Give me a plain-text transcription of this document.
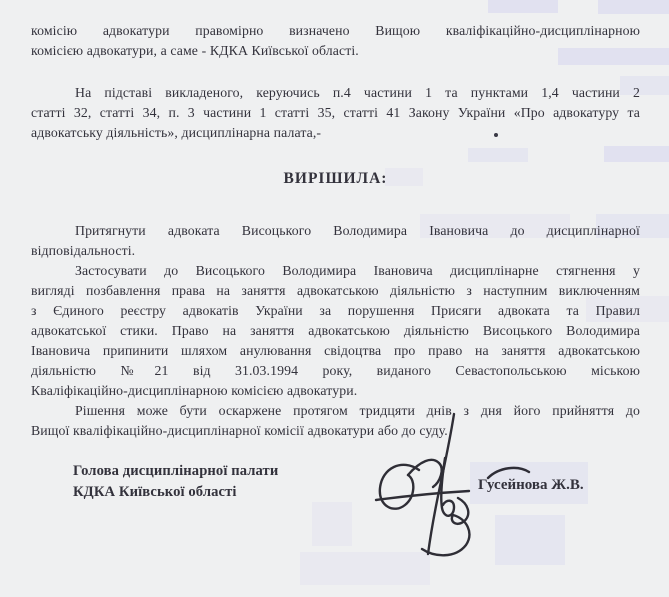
комісію адвокатури правомірно визначено Вищою кваліфікаційно-дисциплінарною
комісією адвокатури, а саме - КДКА Київської області.

На підставі викладеного, керуючись п.4 частини 1 та пунктами 1,4 частини 2
статті 32, статті 34, п. 3 частини 1 статті 35, статті 41 Закону України «Про адвокатуру та
адвокатську діяльність», дисциплінарна палата,-

ВИРІШИЛА:

Притягнути адвоката Висоцького Володимира Івановича до дисциплінарної
відповідальності.

Застосувати до Висоцького Володимира Івановича дисциплінарне стягнення у
вигляді позбавлення права на заняття адвокатською діяльністю з наступним виключенням
з Єдиного реєстру адвокатів України за порушення Присяги адвоката та Правил
адвокатської стики. Право на заняття адвокатською діяльністю Висоцького Володимира
Івановича припинити шляхом анулювання свідоцтва про право на заняття адвокатською
діяльністю №21 від 31.03.1994 року, виданого Севастопольською міською
Кваліфікаційно-дисциплінарною комісією адвокатури.

Рішення може бути оскаржене протягом тридцяти днів з дня його прийняття до
Вищої кваліфікаційно-дисциплінарної комісії адвокатури або до суду.

Голова дисциплінарної палати
КДКА Київської області	Гусейнова Ж.В.
